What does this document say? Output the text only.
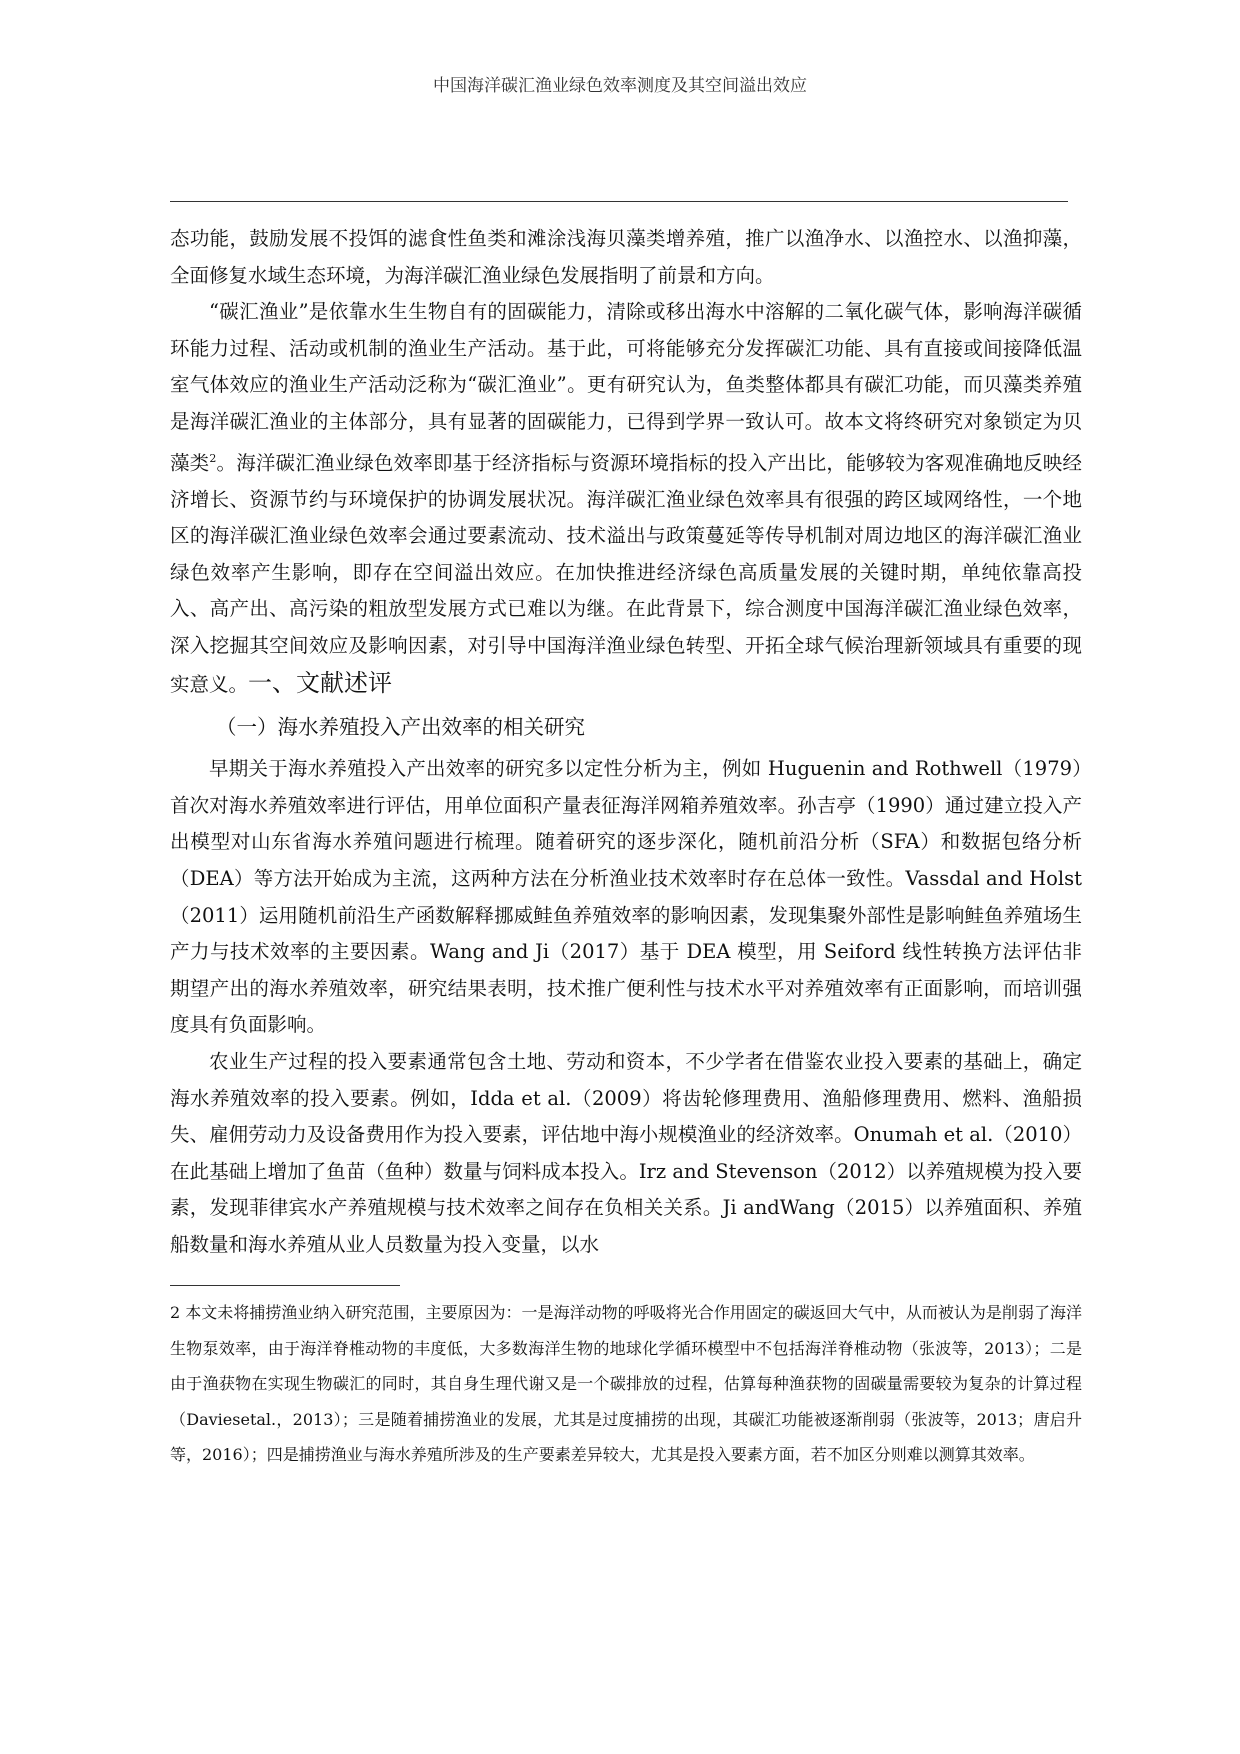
中国海洋碳汇渔业绿色效率测度及其空间溢出效应

态功能，鼓励发展不投饵的滤食性鱼类和滩涂浅海贝藻类增养殖，推广以渔净水、以渔控水、以渔抑藻，全面修复水域生态环境，为海洋碳汇渔业绿色发展指明了前景和方向。

“碳汇渔业”是依靠水生生物自有的固碳能力，清除或移出海水中溶解的二氧化碳气体，影响海洋碳循环能力过程、活动或机制的渔业生产活动。基于此，可将能够充分发挥碳汇功能、具有直接或间接降低温室气体效应的渔业生产活动泛称为“碳汇渔业”。更有研究认为，鱼类整体都具有碳汇功能，而贝藻类养殖是海洋碳汇渔业的主体部分，具有显著的固碳能力，已得到学界一致认可。故本文将终研究对象锁定为贝藻类$^2$。海洋碳汇渔业绿色效率即基于经济指标与资源环境指标的投入产出比，能够较为客观准确地反映经济增长、资源节约与环境保护的协调发展状况。海洋碳汇渔业绿色效率具有很强的跨区域网络性，一个地区的海洋碳汇渔业绿色效率会通过要素流动、技术溢出与政策蔓延等传导机制对周边地区的海洋碳汇渔业绿色效率产生影响，即存在空间溢出效应。在加快推进经济绿色高质量发展的关键时期，单纯依靠高投入、高产出、高污染的粗放型发展方式已难以为继。在此背景下，综合测度中国海洋碳汇渔业绿色效率，深入挖掘其空间效应及影响因素，对引导中国海洋渔业绿色转型、开拓全球气候治理新领域具有重要的现实意义。一、文献述评

（一）海水养殖投入产出效率的相关研究

早期关于海水养殖投入产出效率的研究多以定性分析为主，例如 Huguenin and Rothwell（1979）首次对海水养殖效率进行评估，用单位面积产量表征海洋网箱养殖效率。孙吉亭（1990）通过建立投入产出模型对山东省海水养殖问题进行梳理。随着研究的逐步深化，随机前沿分析（SFA）和数据包络分析（DEA）等方法开始成为主流，这两种方法在分析渔业技术效率时存在总体一致性。Vassdal and Holst（2011）运用随机前沿生产函数解释挪威鲑鱼养殖效率的影响因素，发现集聚外部性是影响鲑鱼养殖场生产力与技术效率的主要因素。Wang and Ji（2017）基于 DEA 模型，用 Seiford 线性转换方法评估非期望产出的海水养殖效率，研究结果表明，技术推广便利性与技术水平对养殖效率有正面影响，而培训强度具有负面影响。

农业生产过程的投入要素通常包含土地、劳动和资本，不少学者在借鉴农业投入要素的基础上，确定海水养殖效率的投入要素。例如，Idda et al.（2009）将齿轮修理费用、渔船修理费用、燃料、渔船损失、雇佣劳动力及设备费用作为投入要素，评估地中海小规模渔业的经济效率。Onumah et al.（2010）在此基础上增加了鱼苗（鱼种）数量与饲料成本投入。Irz and Stevenson（2012）以养殖规模为投入要素，发现菲律宾水产养殖规模与技术效率之间存在负相关关系。Ji andWang（2015）以养殖面积、养殖船数量和海水养殖从业人员数量为投入变量，以水

2 本文未将捕捞渔业纳入研究范围，主要原因为：一是海洋动物的呼吸将光合作用固定的碳返回大气中，从而被认为是削弱了海洋生物泵效率，由于海洋脊椎动物的丰度低，大多数海洋生物的地球化学循环模型中不包括海洋脊椎动物（张波等，2013）；二是由于渔获物在实现生物碳汇的同时，其自身生理代谢又是一个碳排放的过程，估算每种渔获物的固碳量需要较为复杂的计算过程（Daviesetal.，2013）；三是随着捕捞渔业的发展，尤其是过度捕捞的出现，其碳汇功能被逐渐削弱（张波等，2013；唐启升等，2016）；四是捕捞渔业与海水养殖所涉及的生产要素差异较大，尤其是投入要素方面，若不加区分则难以测算其效率。
